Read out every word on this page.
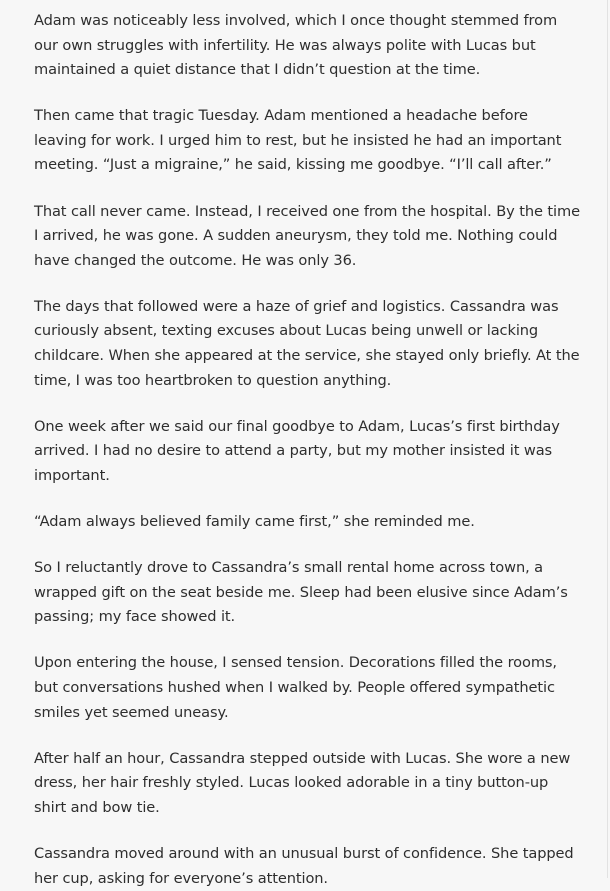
Adam was noticeably less involved, which I once thought stemmed from our own struggles with infertility. He was always polite with Lucas but maintained a quiet distance that I didn’t question at the time.

Then came that tragic Tuesday. Adam mentioned a headache before leaving for work. I urged him to rest, but he insisted he had an important meeting. “Just a migraine,” he said, kissing me goodbye. “I’ll call after.”

That call never came. Instead, I received one from the hospital. By the time I arrived, he was gone. A sudden aneurysm, they told me. Nothing could have changed the outcome. He was only 36.

The days that followed were a haze of grief and logistics. Cassandra was curiously absent, texting excuses about Lucas being unwell or lacking childcare. When she appeared at the service, she stayed only briefly. At the time, I was too heartbroken to question anything.

One week after we said our final goodbye to Adam, Lucas’s first birthday arrived. I had no desire to attend a party, but my mother insisted it was important.

“Adam always believed family came first,” she reminded me.

So I reluctantly drove to Cassandra’s small rental home across town, a wrapped gift on the seat beside me. Sleep had been elusive since Adam’s passing; my face showed it.

Upon entering the house, I sensed tension. Decorations filled the rooms, but conversations hushed when I walked by. People offered sympathetic smiles yet seemed uneasy.

After half an hour, Cassandra stepped outside with Lucas. She wore a new dress, her hair freshly styled. Lucas looked adorable in a tiny button-up shirt and bow tie.

Cassandra moved around with an unusual burst of confidence. She tapped her cup, asking for everyone’s attention.
